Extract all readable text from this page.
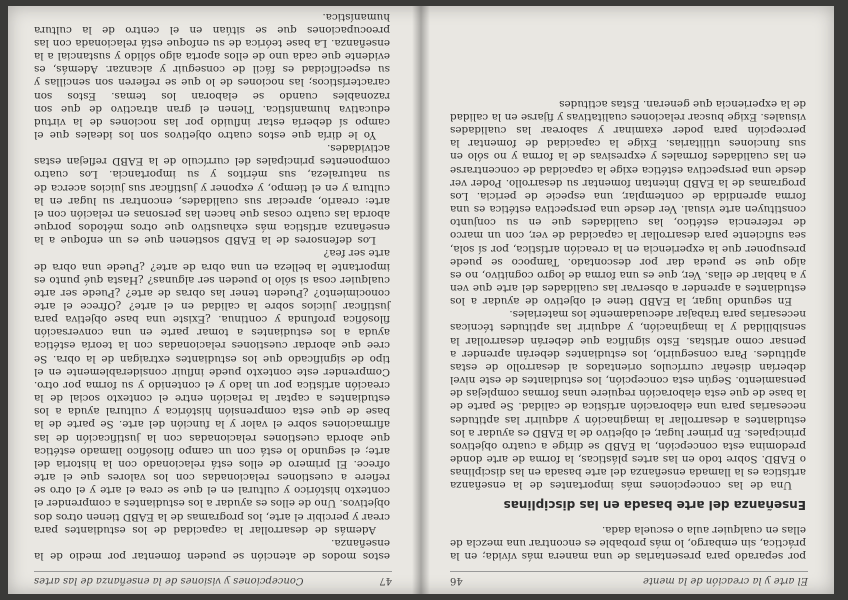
El arte y la creación de la mente
46

por separado para presentarlas de una manera más vívida; en la práctica, sin embargo, lo más probable es encontrar una mezcla de ellas en cualquier aula o escuela dada.

Enseñanza del arte basada en las disciplinas

Una de las concepciones más importantes de la enseñanza artística es la llamada enseñanza del arte basada en las disciplinas o EABD. Sobre todo en las artes plásticas, la forma de arte donde predomina esta concepción, la EABD se dirige a cuatro objetivos principales. En primer lugar, el objetivo de la EABD es ayudar a los estudiantes a desarrollar la imaginación y adquirir las aptitudes necesarias para una elaboración artística de calidad. Se parte de la base de que esta elaboración requiere unas formas complejas de pensamiento. Según esta concepción, los estudiantes de este nivel deberían diseñar currículos orientados al desarrollo de estas aptitudes. Para conseguirlo, los estudiantes deberán aprender a pensar como artistas. Esto significa que deberán desarrollar la sensibilidad y la imaginación, y adquirir las aptitudes técnicas necesarias para trabajar adecuadamente los materiales.

En segundo lugar, la EABD tiene el objetivo de ayudar a los estudiantes a aprender a observar las cualidades del arte que ven y a hablar de ellas. Ver, que es una forma de logro cognitivo, no es algo que se pueda dar por descontado. Tampoco se puede presuponer que la experiencia en la creación artística, por sí sola, sea suficiente para desarrollar la capacidad de ver, con un marco de referencia estético, las cualidades que en su conjunto constituyen arte visual. Ver desde una perspectiva estética es una forma aprendida de contemplar, una especie de pericia. Los programas de la EABD intentan fomentar su desarrollo. Poder ver desde una perspectiva estética exige la capacidad de concentrarse en las cualidades formales y expresivas de la forma y no sólo en sus funciones utilitarias. Exige la capacidad de fomentar la percepción para poder examinar y saborear las cualidades visuales. Exige buscar relaciones cualitativas y fijarse en la calidad de la experiencia que generan. Estas actitudes

47
Concepciones y visiones de la enseñanza de las artes

estos modos de atención se pueden fomentar por medio de la enseñanza.

Además de desarrollar la capacidad de los estudiantes para crear y percibir el arte, los programas de la EABD tienen otros dos objetivos. Uno de ellos es ayudar a los estudiantes a comprender el contexto histórico y cultural en el que se crea el arte y el otro se refiere a cuestiones relacionadas con los valores que el arte ofrece. El primero de ellos está relacionado con la historia del arte; el segundo lo está con un campo filosófico llamado estética que aborda cuestiones relacionadas con la justificación de las afirmaciones sobre el valor y la función del arte. Se parte de la base de que esta comprensión histórica y cultural ayuda a los estudiantes a captar la relación entre el contexto social de la creación artística por un lado y el contenido y su forma por otro. Comprender este contexto puede influir considerablemente en el tipo de significado que los estudiantes extraigan de la obra. Se cree que abordar cuestiones relacionadas con la teoría estética ayuda a los estudiantes a tomar parte en una conversación filosófica profunda y continua. ¿Existe una base objetiva para justificar juicios sobre la calidad en el arte? ¿Ofrece el arte conocimiento? ¿Pueden tener las obras de arte? ¿Puede ser arte cualquier cosa si sólo lo pueden ser algunas? ¿Hasta qué punto es importante la belleza en una obra de arte? ¿Puede una obra de arte ser fea?

Los defensores de la EABD sostienen que es un enfoque a la enseñanza artística más exhaustivo que otros métodos porque aborda las cuatro cosas que hacen las personas en relación con el arte: crearlo, apreciar sus cualidades, encontrar su lugar en la cultura y en el tiempo, y exponer y justificar sus juicios acerca de su naturaleza, sus méritos y su importancia. Los cuatro componentes principales del currículo de la EABD reflejan estas actividades.

Yo le diría que estos cuatro objetivos son los ideales que el campo sí debería estar influido por las nociones de la virtud educativa humanística. Tienen el gran atractivo de que son razonables cuando se elaboran los temas. Estos son característicos; las nociones de lo que se refieren son sencillas y su especificidad es fácil de conseguir y alcanzar. Además, es evidente que cada uno de ellos aporta algo sólido y sustancial a la enseñanza. La base teórica de su enfoque está relacionada con las preocupaciones que se sitúan en el centro de la cultura humanística.
